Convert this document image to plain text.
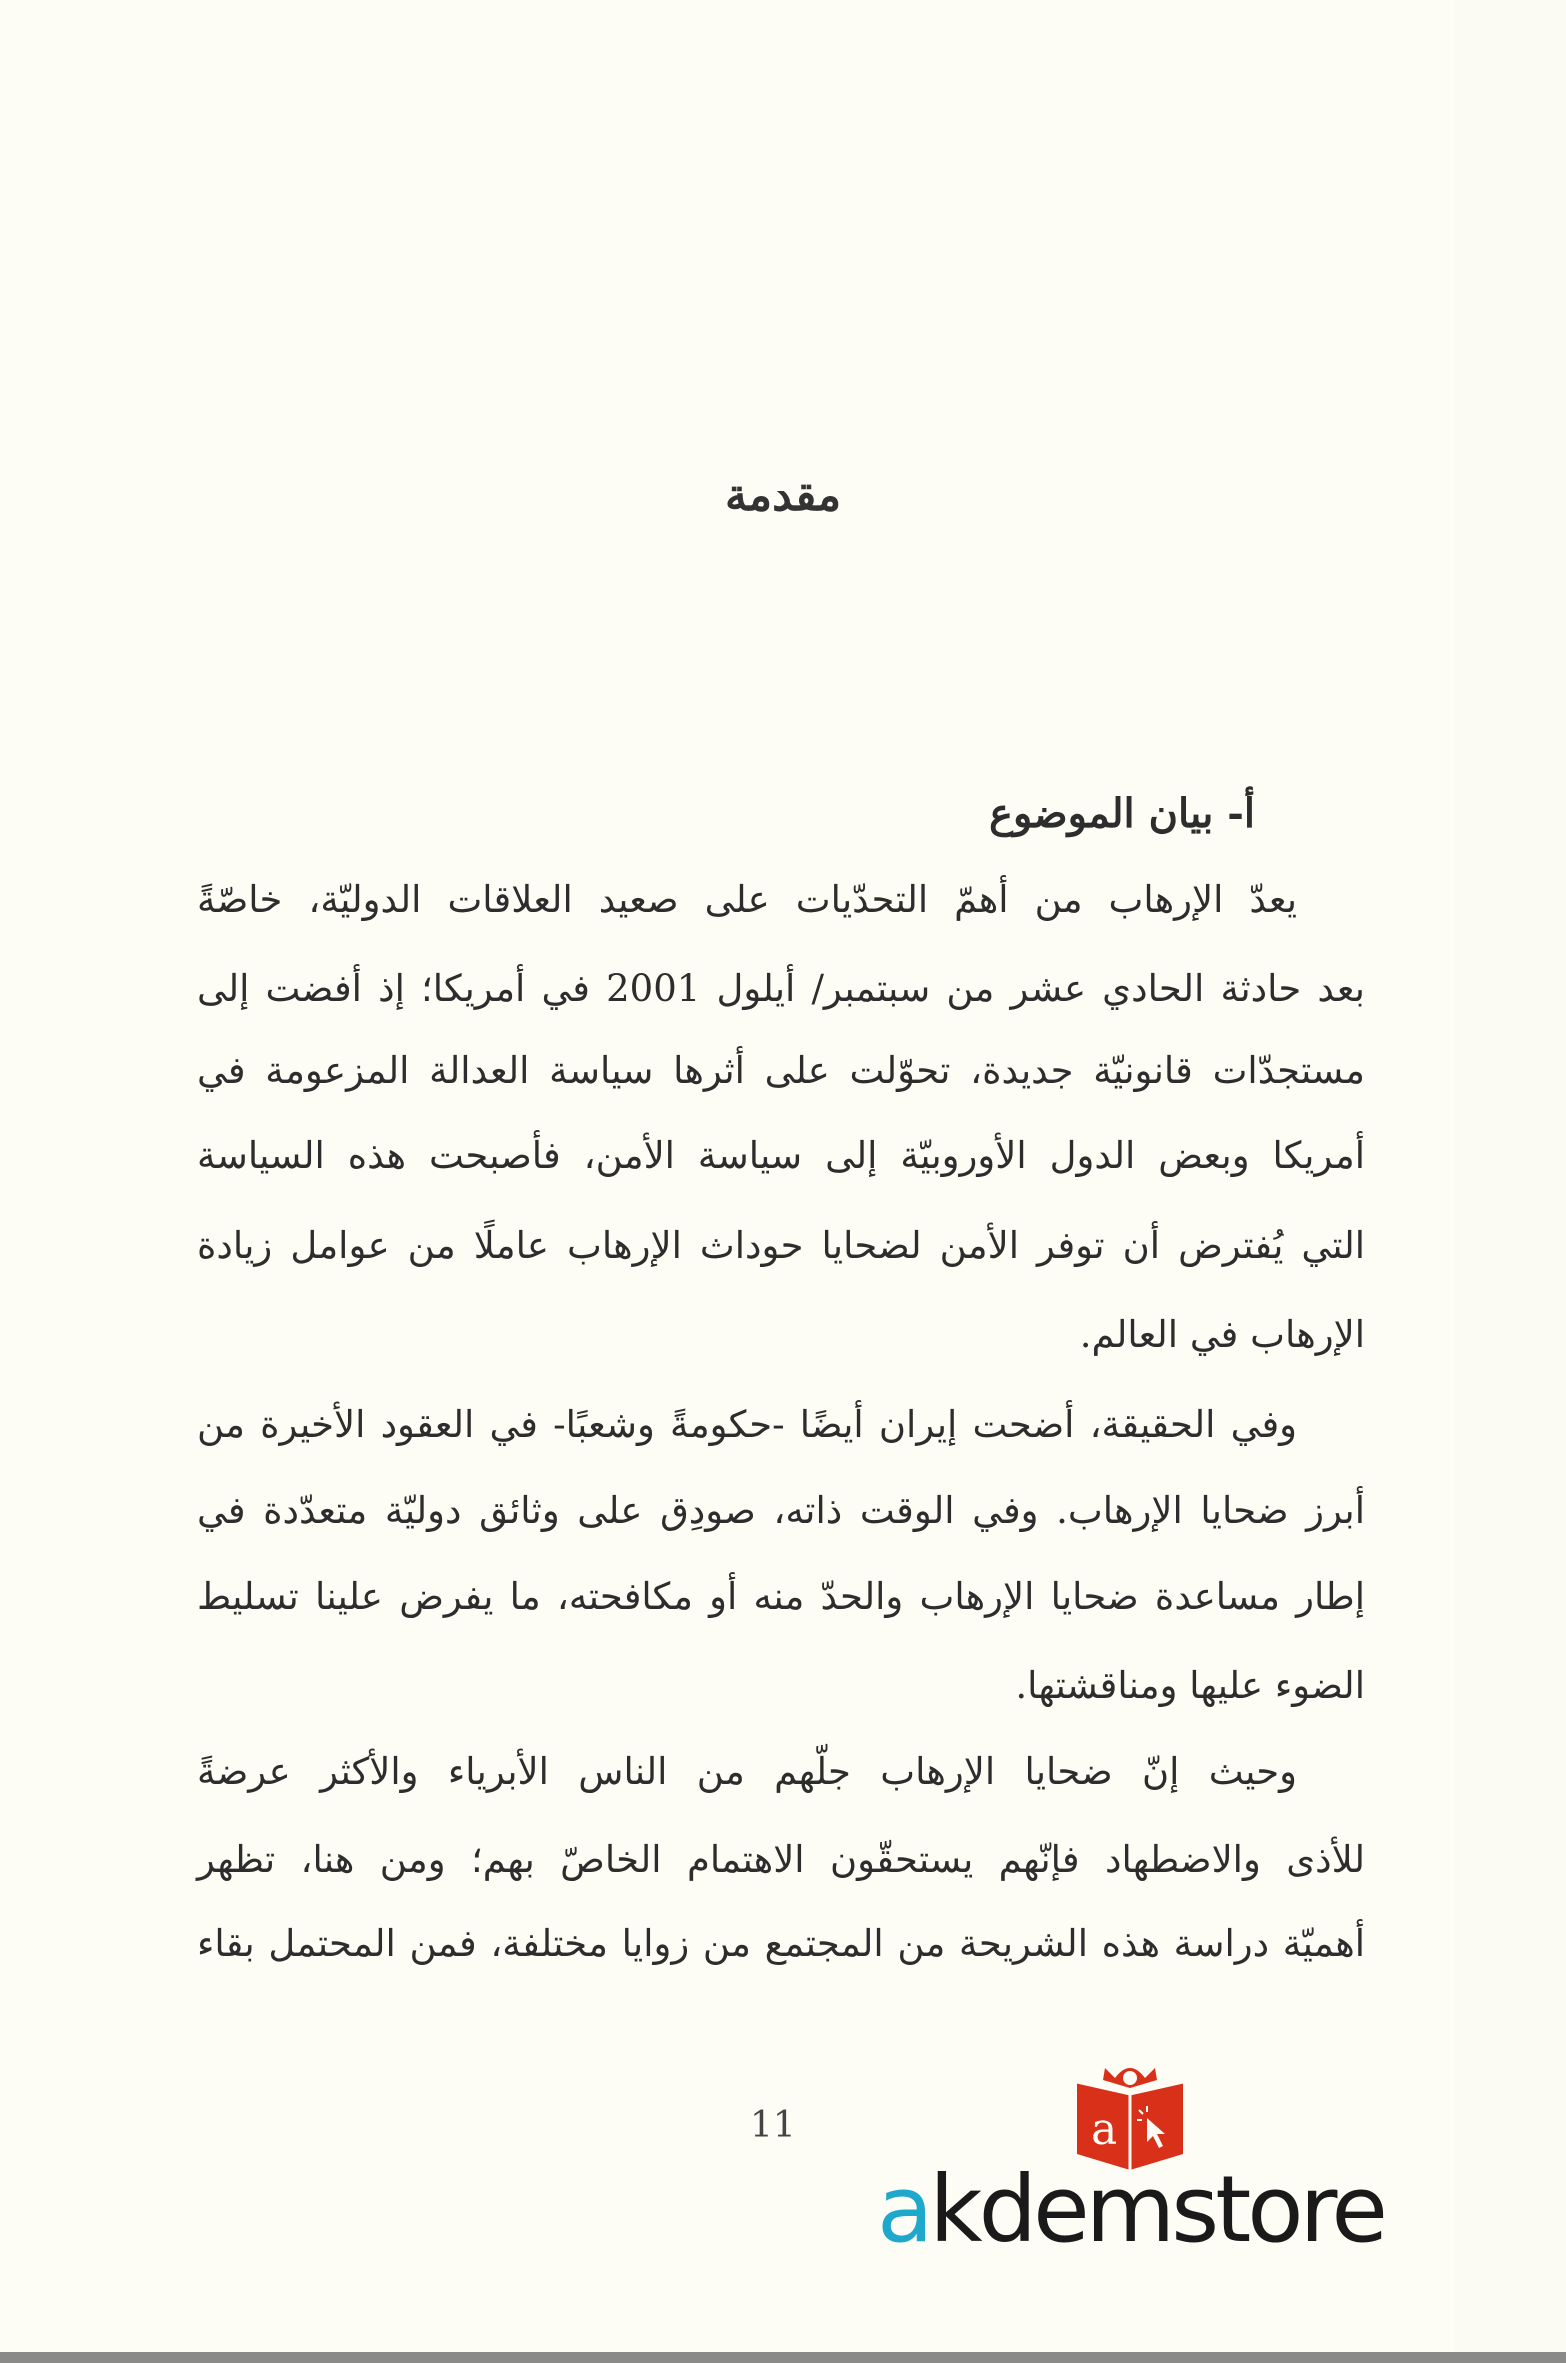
مقدمة
أ- بيان الموضوع
يعدّ الإرهاب من أهمّ التحدّيات على صعيد العلاقات الدوليّة، خاصّةً
بعد حادثة الحادي عشر من سبتمبر/ أيلول 2001 في أمريكا؛ إذ أفضت إلى
مستجدّات قانونيّة جديدة، تحوّلت على أثرها سياسة العدالة المزعومة في
أمريكا وبعض الدول الأوروبيّة إلى سياسة الأمن، فأصبحت هذه السياسة
التي يُفترض أن توفر الأمن لضحايا حوداث الإرهاب عاملًا من عوامل زيادة
الإرهاب في العالم.
وفي الحقيقة، أضحت إيران أيضًا -حكومةً وشعبًا- في العقود الأخيرة من
أبرز ضحايا الإرهاب. وفي الوقت ذاته، صودِق على وثائق دوليّة متعدّدة في
إطار مساعدة ضحايا الإرهاب والحدّ منه أو مكافحته، ما يفرض علينا تسليط
الضوء عليها ومناقشتها.
وحيث إنّ ضحايا الإرهاب جلّهم من الناس الأبرياء والأكثر عرضةً
للأذى والاضطهاد فإنّهم يستحقّون الاهتمام الخاصّ بهم؛ ومن هنا، تظهر
أهميّة دراسة هذه الشريحة من المجتمع من زوايا مختلفة، فمن المحتمل بقاء
11	a
akdemstore
